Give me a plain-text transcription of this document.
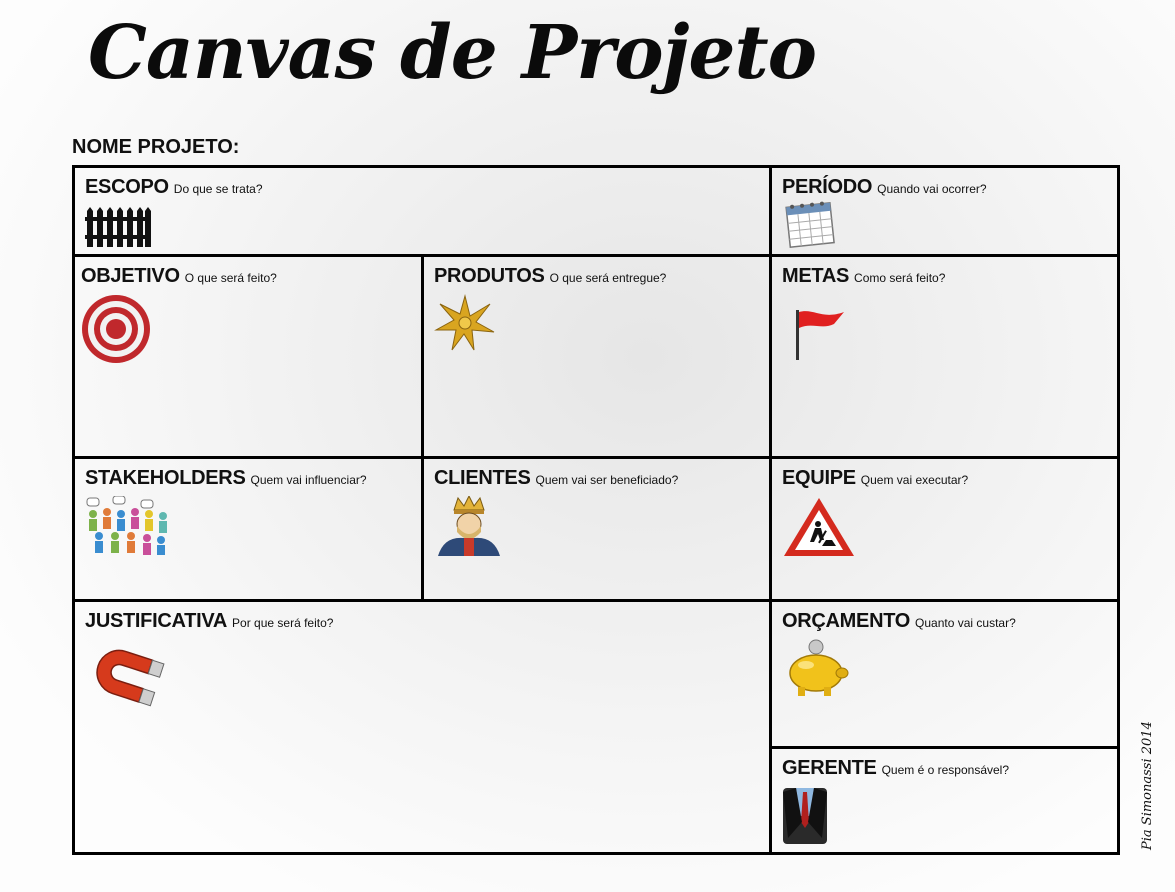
Canvas de Projeto
NOME PROJETO:
ESCOPO Do que se trata?	PERÍODO Quando vai ocorrer?
OBJETIVO O que será feito?	PRODUTOS O que será entregue?	METAS Como será feito?
STAKEHOLDERS Quem vai influenciar?	CLIENTES Quem vai ser beneficiado?	EQUIPE Quem vai executar?
JUSTIFICATIVA Por que será feito?	ORÇAMENTO Quanto vai custar?
GERENTE Quem é o responsável?	Pia Simonassi 2014
